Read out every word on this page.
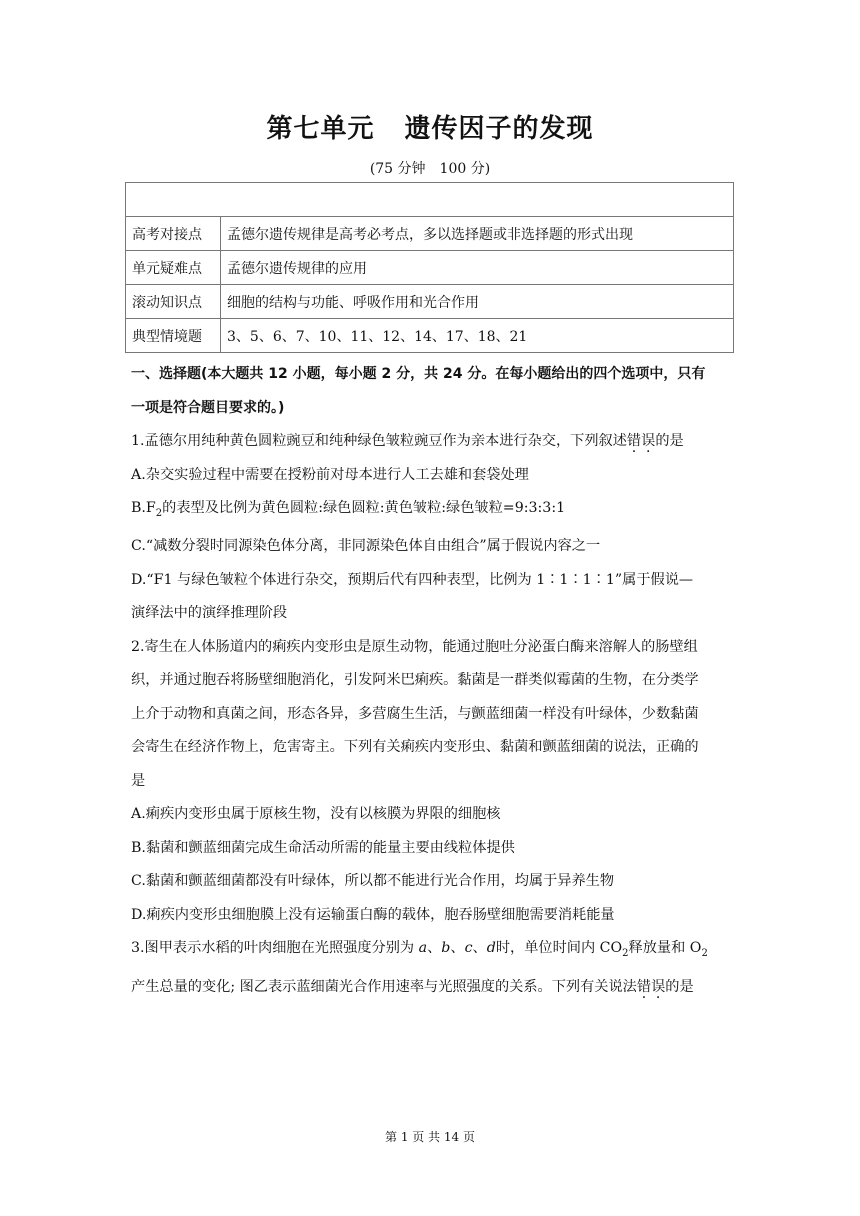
第七单元 遗传因子的发现
(75 分钟　100 分)

高考对接点	孟德尔遗传规律是高考必考点，多以选择题或非选择题的形式出现
单元疑难点	孟德尔遗传规律的应用
滚动知识点	细胞的结构与功能、呼吸作用和光合作用
典型情境题	3、5、6、7、10、11、12、14、17、18、21

一、选择题(本大题共 12 小题，每小题 2 分，共 24 分。在每小题给出的四个选项中，只有

一项是符合题目要求的。)

1.孟德尔用纯种黄色圆粒豌豆和纯种绿色皱粒豌豆作为亲本进行杂交，下列叙述错误的是

A.杂交实验过程中需要在授粉前对母本进行人工去雄和套袋处理

$B.F_2$的表型及比例为黄色圆粒:绿色圆粒:黄色皱粒:绿色皱粒=9:3:3:1

C.“减数分裂时同源染色体分离，非同源染色体自由组合”属于假说内容之一

D.“F1 与绿色皱粒个体进行杂交，预期后代有四种表型，比例为 1∶1∶1∶1”属于假说—

演绎法中的演绎推理阶段

2.寄生在人体肠道内的痢疾内变形虫是原生动物，能通过胞吐分泌蛋白酶来溶解人的肠壁组

织，并通过胞吞将肠壁细胞消化，引发阿米巴痢疾。黏菌是一群类似霉菌的生物，在分类学

上介于动物和真菌之间，形态各异，多营腐生生活，与颤蓝细菌一样没有叶绿体，少数黏菌

会寄生在经济作物上，危害寄主。下列有关痢疾内变形虫、黏菌和颤蓝细菌的说法，正确的

是

A.痢疾内变形虫属于原核生物，没有以核膜为界限的细胞核

B.黏菌和颤蓝细菌完成生命活动所需的能量主要由线粒体提供

C.黏菌和颤蓝细菌都没有叶绿体，所以都不能进行光合作用，均属于异养生物

D.痢疾内变形虫细胞膜上没有运输蛋白酶的载体，胞吞肠壁细胞需要消耗能量

3.图甲表示水稻的叶肉细胞在光照强度分别为 a、b、c、d时，单位时间内 $CO_2$释放量和 $O_2$

产生总量的变化; 图乙表示蓝细菌光合作用速率与光照强度的关系。下列有关说法错误的是

第 1 页 共 14 页
